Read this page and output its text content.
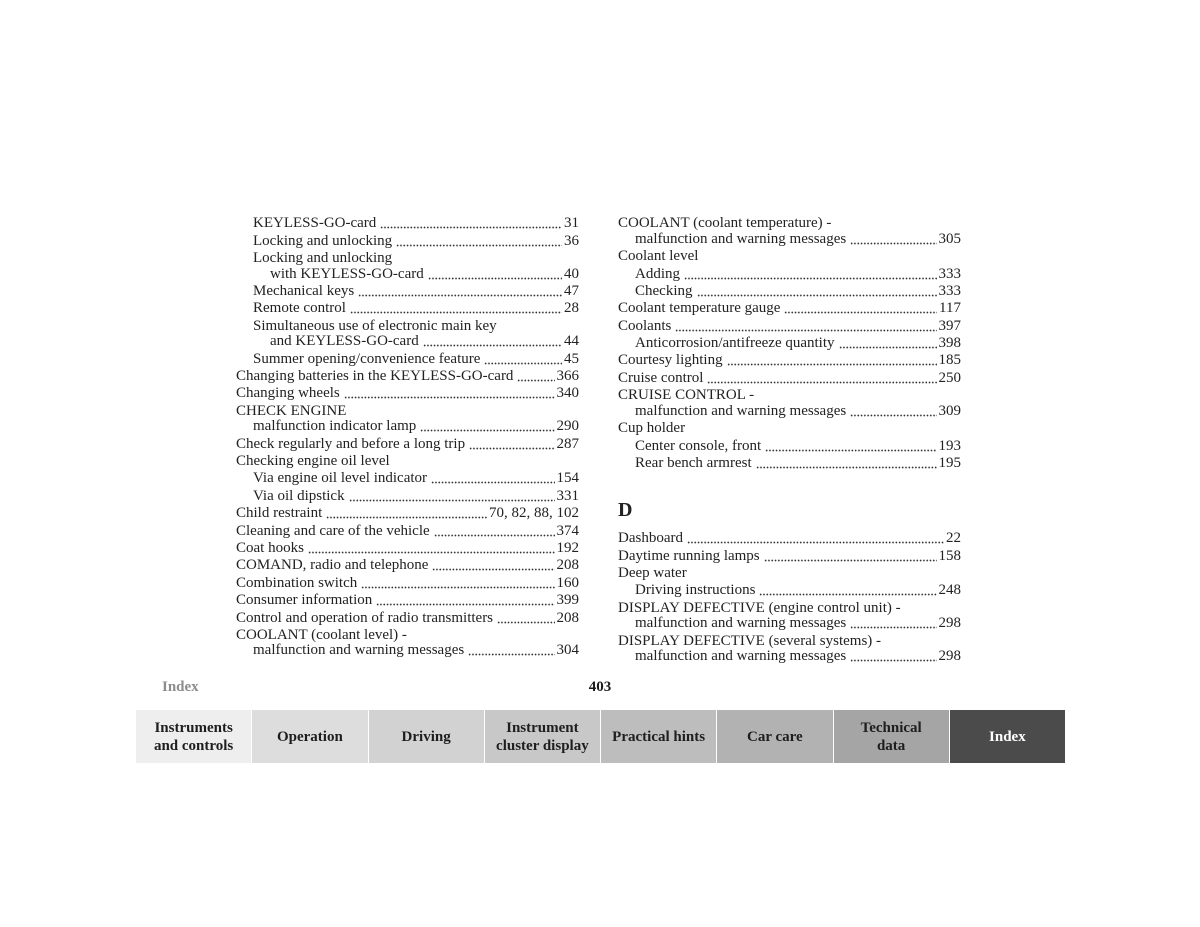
KEYLESS-GO-card	31
Locking and unlocking	36
Locking and unlocking
with KEYLESS-GO-card	40
Mechanical keys	47
Remote control	28
Simultaneous use of electronic main key
and KEYLESS-GO-card	44
Summer opening/convenience feature	45
Changing batteries in the KEYLESS-GO-card	366
Changing wheels	340
CHECK ENGINE
malfunction indicator lamp	290
Check regularly and before a long trip	287
Checking engine oil level
Via engine oil level indicator	154
Via oil dipstick	331
Child restraint	70, 82, 88, 102
Cleaning and care of the vehicle	374
Coat hooks	192
COMAND, radio and telephone	208
Combination switch	160
Consumer information	399
Control and operation of radio transmitters	208
COOLANT (coolant level) -
malfunction and warning messages	304
COOLANT (coolant temperature) -
malfunction and warning messages	305
Coolant level
Adding	333
Checking	333
Coolant temperature gauge	117
Coolants	397
Anticorrosion/antifreeze quantity	398
Courtesy lighting	185
Cruise control	250
CRUISE CONTROL -
malfunction and warning messages	309
Cup holder
Center console, front	193
Rear bench armrest	195
D
Dashboard	22
Daytime running lamps	158
Deep water
Driving instructions	248
DISPLAY DEFECTIVE (engine control unit) -
malfunction and warning messages	298
DISPLAY DEFECTIVE (several systems) -
malfunction and warning messages	298
Index	403
Instruments
and controls
Operation	Driving
Instrument
cluster display
Practical hints	Car care
Technical
data
Index
